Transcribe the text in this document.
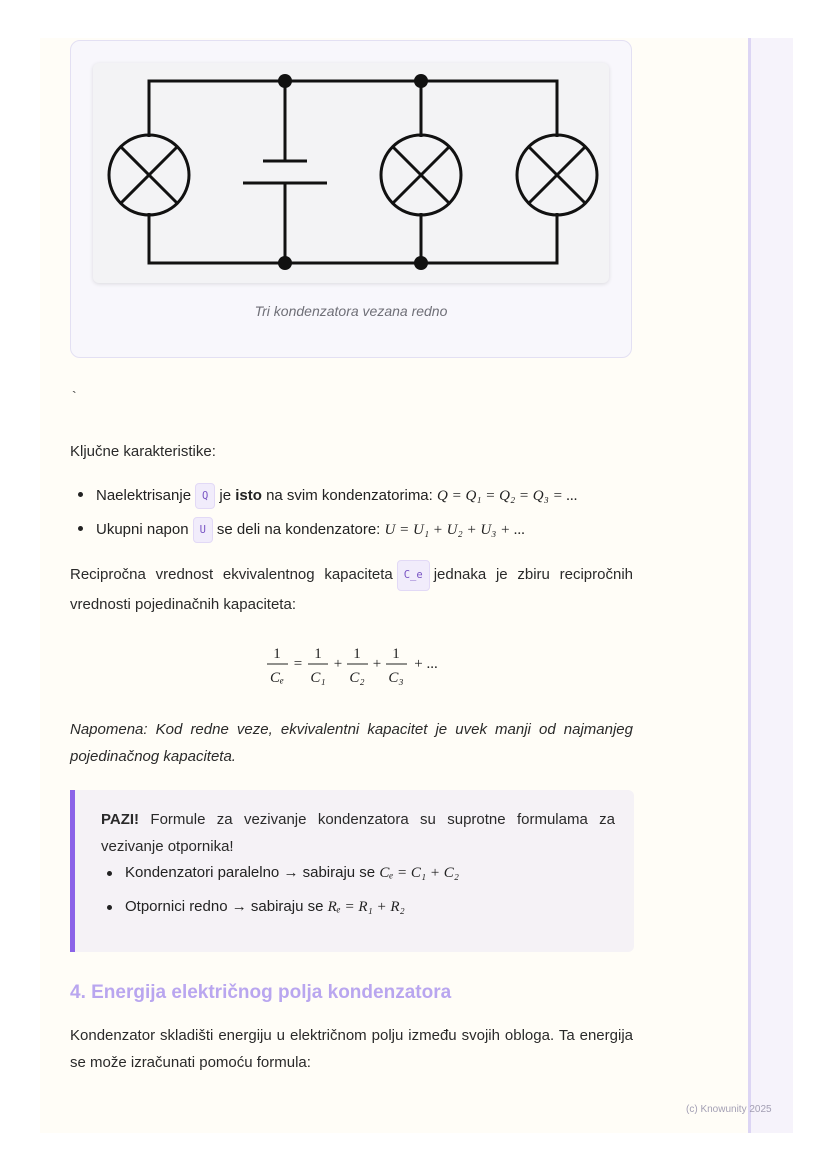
Tri kondenzatora vezana redno
`
Ključne karakteristike:
Naelektrisanje Q je isto na svim kondenzatorima: Q = Q₁ = Q₂ = Q₃ = ...
Ukupni napon U se deli na kondenzatore: U = U₁ + U₂ + U₃ + ...
Recipročna vrednost ekvivalentnog kapaciteta C_e jednaka je zbiru recipročnih vrednosti pojedinačnih kapaciteta:
1
Cₑ
=
1
C₁
+
1
C₂
+
1
C₃
+ ...
Napomena: Kod redne veze, ekvivalentni kapacitet je uvek manji od najmanjeg pojedinačnog kapaciteta.
PAZI! Formule za vezivanje kondenzatora su suprotne formulama za vezivanje otpornika!
Kondenzatori paralelno → sabiraju se Cₑ = C₁ + C₂
Otpornici redno → sabiraju se Rₑ = R₁ + R₂
4. Energija električnog polja kondenzatora
Kondenzator skladišti energiju u električnom polju između svojih obloga. Ta energija se može izračunati pomoću formula:
(c) Knowunity 2025
